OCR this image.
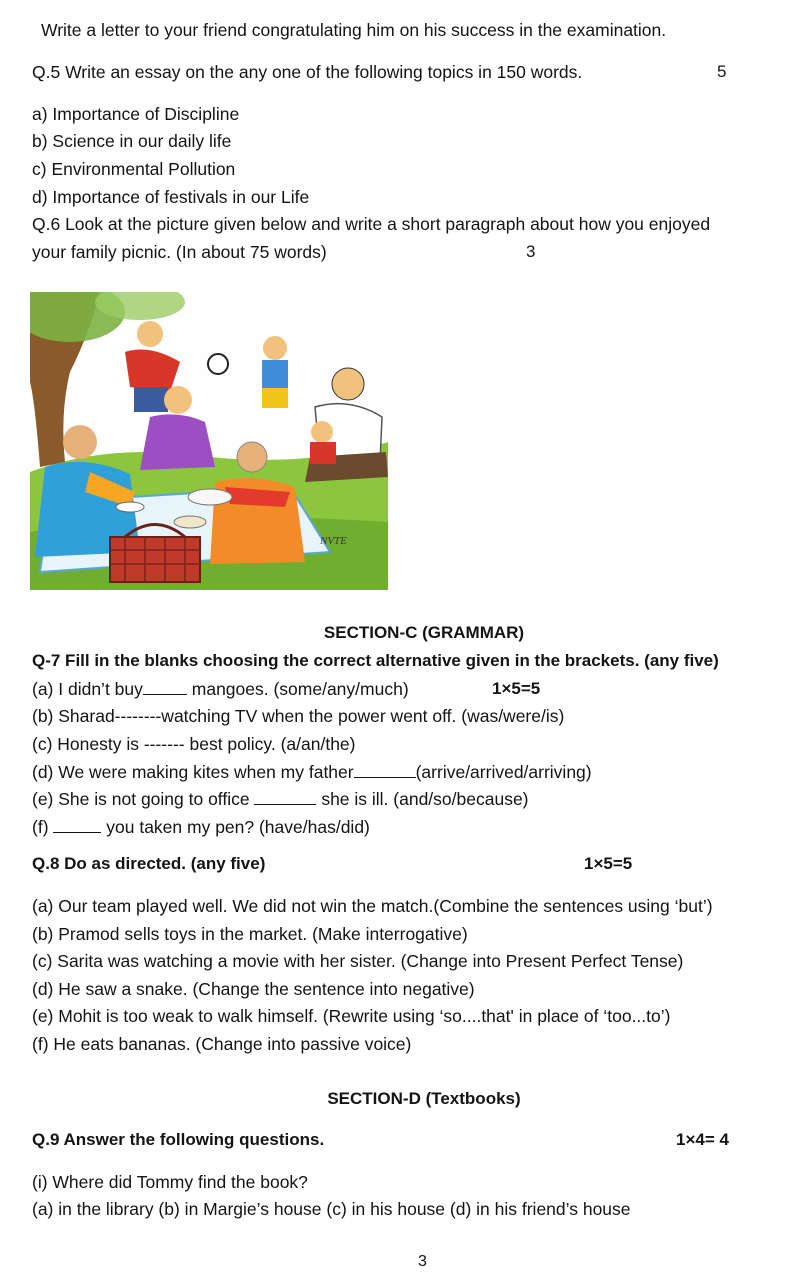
Write a letter to your friend congratulating him on his success in the examination.
Q.5 Write an essay on the any one of the following topics in 150 words.	5
a) Importance of Discipline
b) Science in our daily life
c) Environmental Pollution
d) Importance of festivals in our Life
Q.6 Look at the picture given below and write a short paragraph about how you enjoyed
your family picnic. (In about 75 words)	3
NVTE
SECTION-C (GRAMMAR)
Q-7 Fill in the blanks choosing the correct alternative given in the brackets. (any five)
(a) I didn’t buy	mangoes. (some/any/much)	1×5=5
(b) Sharad--------watching TV when the power went off. (was/were/is)
(c) Honesty is ------- best policy. (a/an/the)
(d) We were making kites when my father	(arrive/arrived/arriving)
(e) She is not going to office	she is ill. (and/so/because)
(f)	you taken my pen? (have/has/did)
Q.8 Do as directed. (any five)	1×5=5
(a) Our team played well. We did not win the match.(Combine the sentences using ‘but’)
(b) Pramod sells toys in the market. (Make interrogative)
(c) Sarita was watching a movie with her sister. (Change into Present Perfect Tense)
(d) He saw a snake. (Change the sentence into negative)
(e) Mohit is too weak to walk himself. (Rewrite using ‘so....that' in place of ‘too...to’)
(f) He eats bananas. (Change into passive voice)
SECTION-D (Textbooks)
Q.9 Answer the following questions.	1×4= 4
(i) Where did Tommy find the book?
(a) in the library (b) in Margie’s house (c) in his house (d) in his friend’s house
3
